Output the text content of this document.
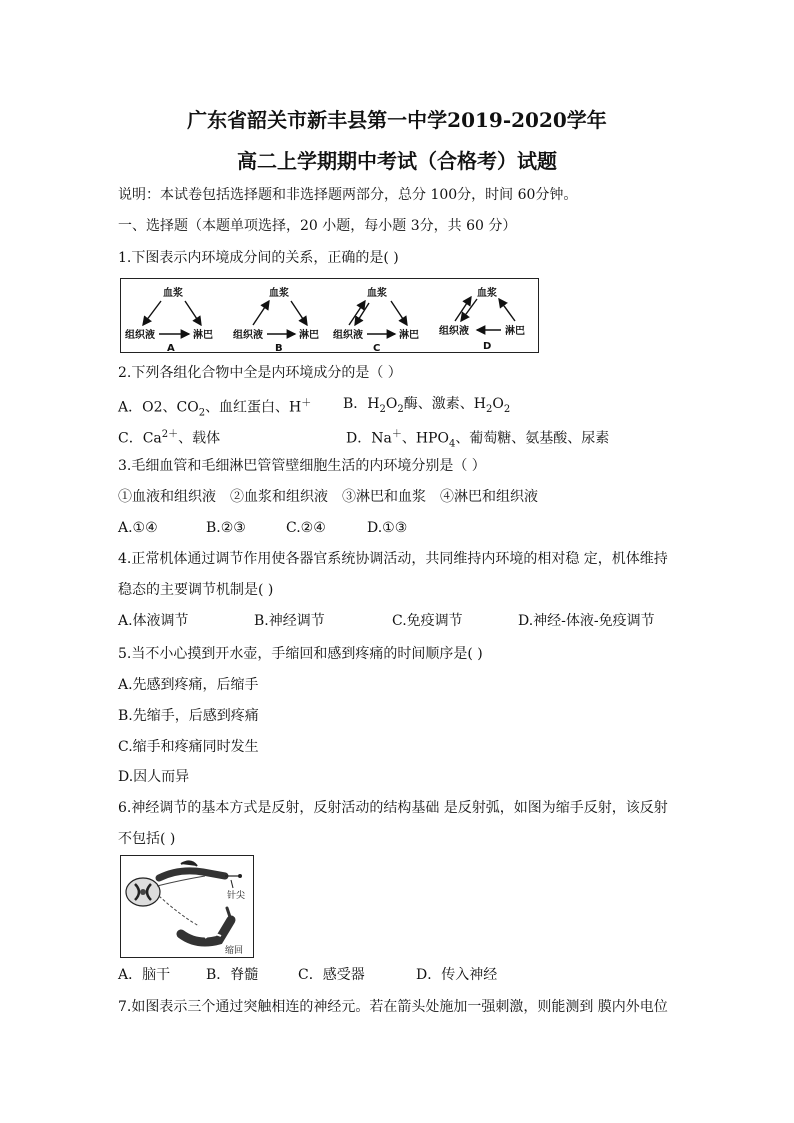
广东省韶关市新丰县第一中学2019-2020学年
高二上学期期中考试（合格考）试题
说明：本试卷包括选择题和非选择题两部分，总分 100分，时间 60分钟。
一、选择题（本题单项选择，20 小题，每小题 3分，共 60 分）
1.下图表示内环境成分间的关系，正确的是( )
血浆
组织液	淋巴
A
血浆
组织液	淋巴
B
血浆
组织液	淋巴
C
血浆
组织液	淋巴
D
2.下列各组化合物中全是内环境成分的是（ ）
A．O2、$CO_2$、血红蛋白、H＋ B．$H_2O_2$酶、激素、$H_2O_2$
C．$Ca^{2+}$、载体	D．Na＋、$HPO_4$、葡萄糖、氨基酸、尿素
3.毛细血管和毛细淋巴管管壁细胞生活的内环境分别是（ ）
①血液和组织液　②血浆和组织液　③淋巴和血浆　④淋巴和组织液
A.①④	B.②③	C.②④	D.①③
4.正常机体通过调节作用使各器官系统协调活动，共同维持内环境的相对稳 定，机体维持
稳态的主要调节机制是( )
A.体液调节	B.神经调节	C.免疫调节	D.神经-体液-免疫调节
5.当不小心摸到开水壶，手缩回和感到疼痛的时间顺序是( )
A.先感到疼痛，后缩手
B.先缩手，后感到疼痛
C.缩手和疼痛同时发生
D.因人而异
6.神经调节的基本方式是反射，反射活动的结构基础 是反射弧，如图为缩手反射，该反射
不包括( )
针尖
缩回
A．脑干	B．脊髓	C．感受器	D．传入神经
7.如图表示三个通过突触相连的神经元。若在箭头处施加一强刺激，则能测到 膜内外电位
